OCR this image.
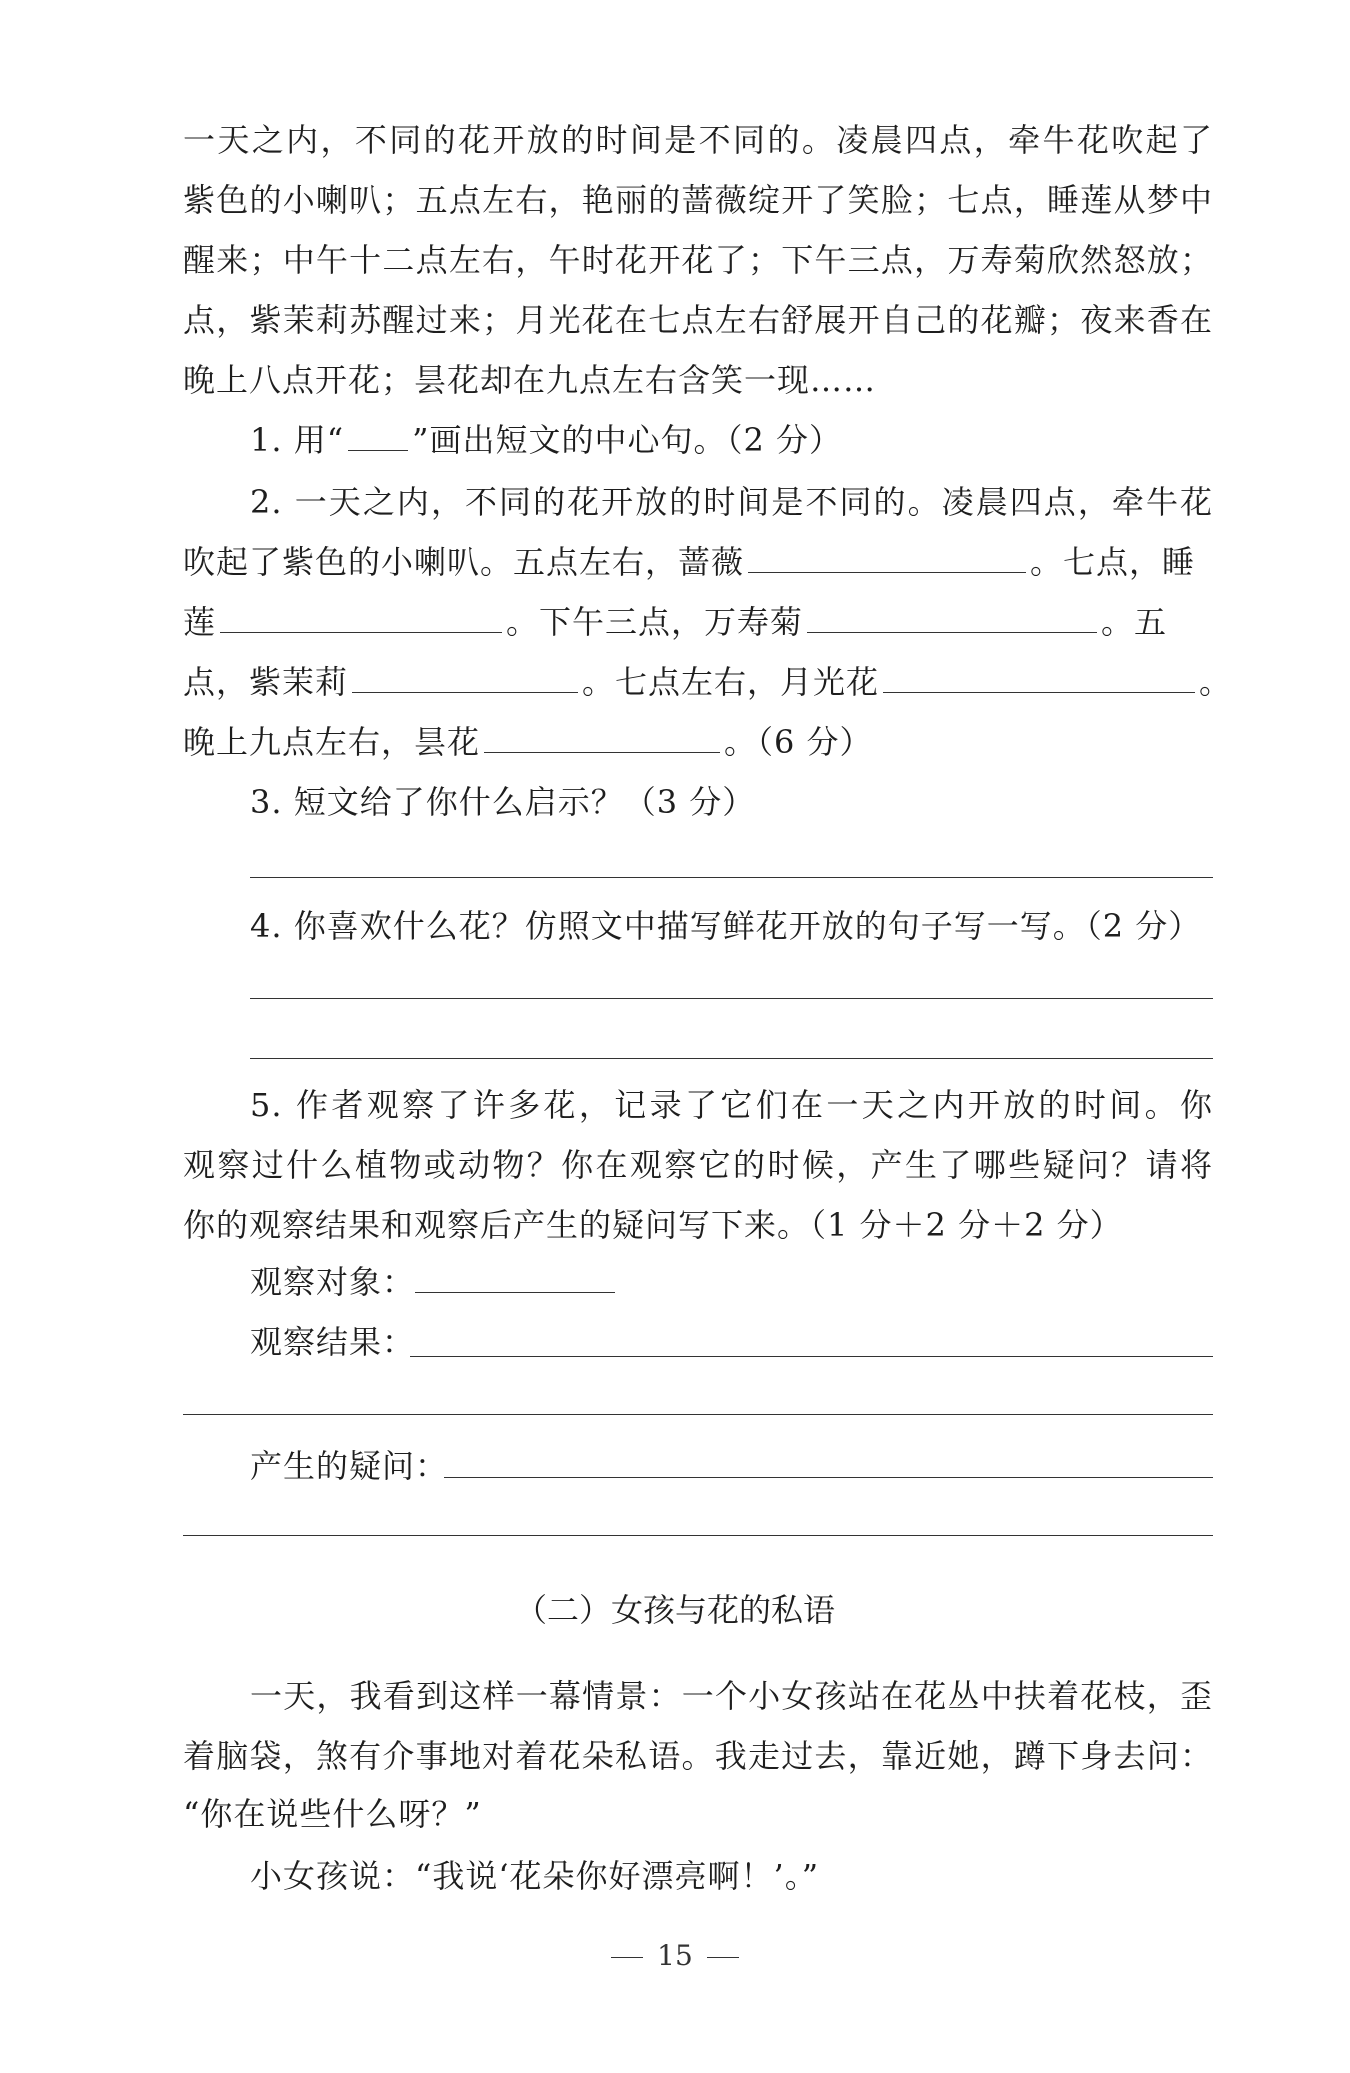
一天之内，不同的花开放的时间是不同的。凌晨四点，牵牛花吹起了
紫色的小喇叭；五点左右，艳丽的蔷薇绽开了笑脸；七点，睡莲从梦中
醒来；中午十二点左右，午时花开花了；下午三点，万寿菊欣然怒放；
点，紫茉莉苏醒过来；月光花在七点左右舒展开自己的花瓣；夜来香在
晚上八点开花；昙花却在九点左右含笑一现……
1. 用“ ”画出短文的中心句。（2 分）
2. 一天之内，不同的花开放的时间是不同的。凌晨四点，牵牛花
吹起了紫色的小喇叭。五点左右，蔷薇	。七点，睡
莲	。下午三点，万寿菊	。五
点，紫茉莉	。七点左右，月光花	。
晚上九点左右，昙花	。（6 分）
3. 短文给了你什么启示？（3 分）
4. 你喜欢什么花？仿照文中描写鲜花开放的句子写一写。（2 分）
5. 作者观察了许多花，记录了它们在一天之内开放的时间。你
观察过什么植物或动物？你在观察它的时候，产生了哪些疑问？请将
你的观察结果和观察后产生的疑问写下来。（1 分＋2 分＋2 分）
观察对象：
观察结果：
产生的疑问：
（二）女孩与花的私语
一天，我看到这样一幕情景：一个小女孩站在花丛中扶着花枝，歪
着脑袋，煞有介事地对着花朵私语。我走过去，靠近她，蹲下身去问：
“你在说些什么呀？”
小女孩说：“我说‘花朵你好漂亮啊！’。”
15
